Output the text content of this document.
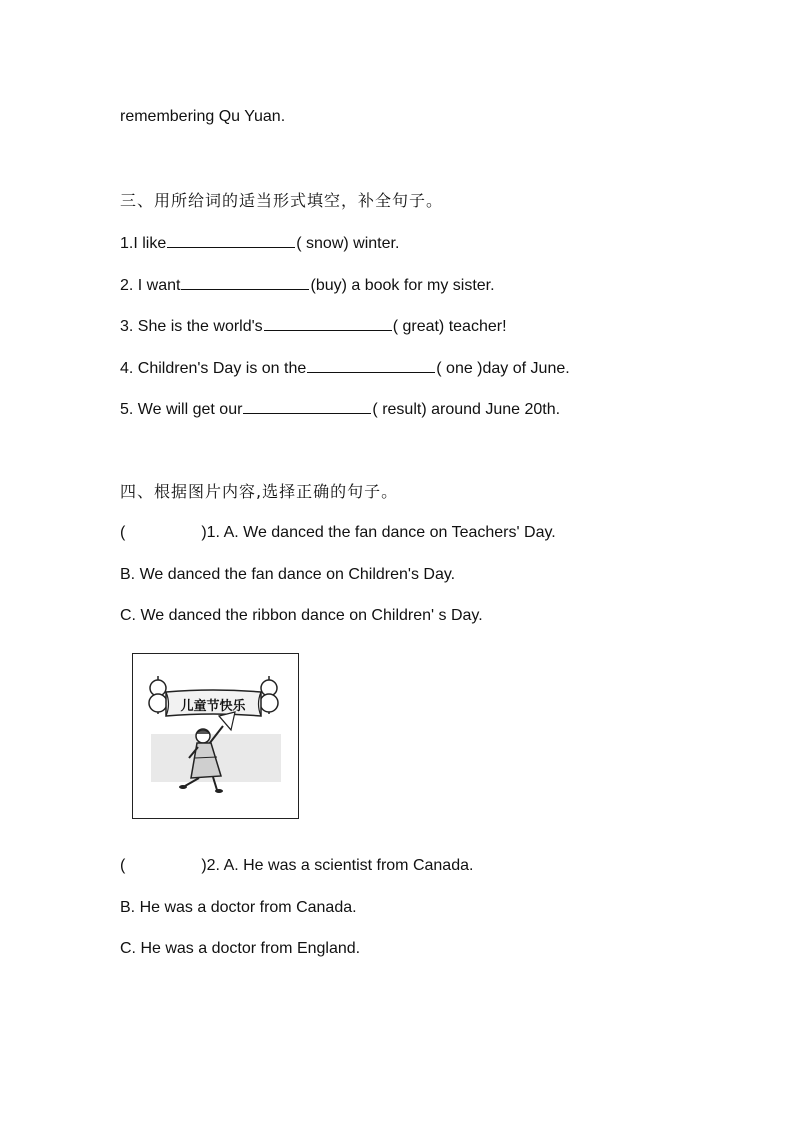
remembering Qu Yuan.
三、用所给词的适当形式填空，补全句子。
1.I like	( snow) winter.
2. I want	(buy) a book for my sister.
3. She is the world's	( great) teacher!
4. Children's Day is on the	( one )day of June.
5. We will get our	( result) around June 20th.
四、根据图片内容,选择正确的句子。
(	)1. A. We danced the fan dance on Teachers' Day.
B. We danced the fan dance on Children's Day.
C. We danced the ribbon dance on Children' s Day.
儿童节快乐
(	)2. A. He was a scientist from Canada.
B. He was a doctor from Canada.
C. He was a doctor from England.
